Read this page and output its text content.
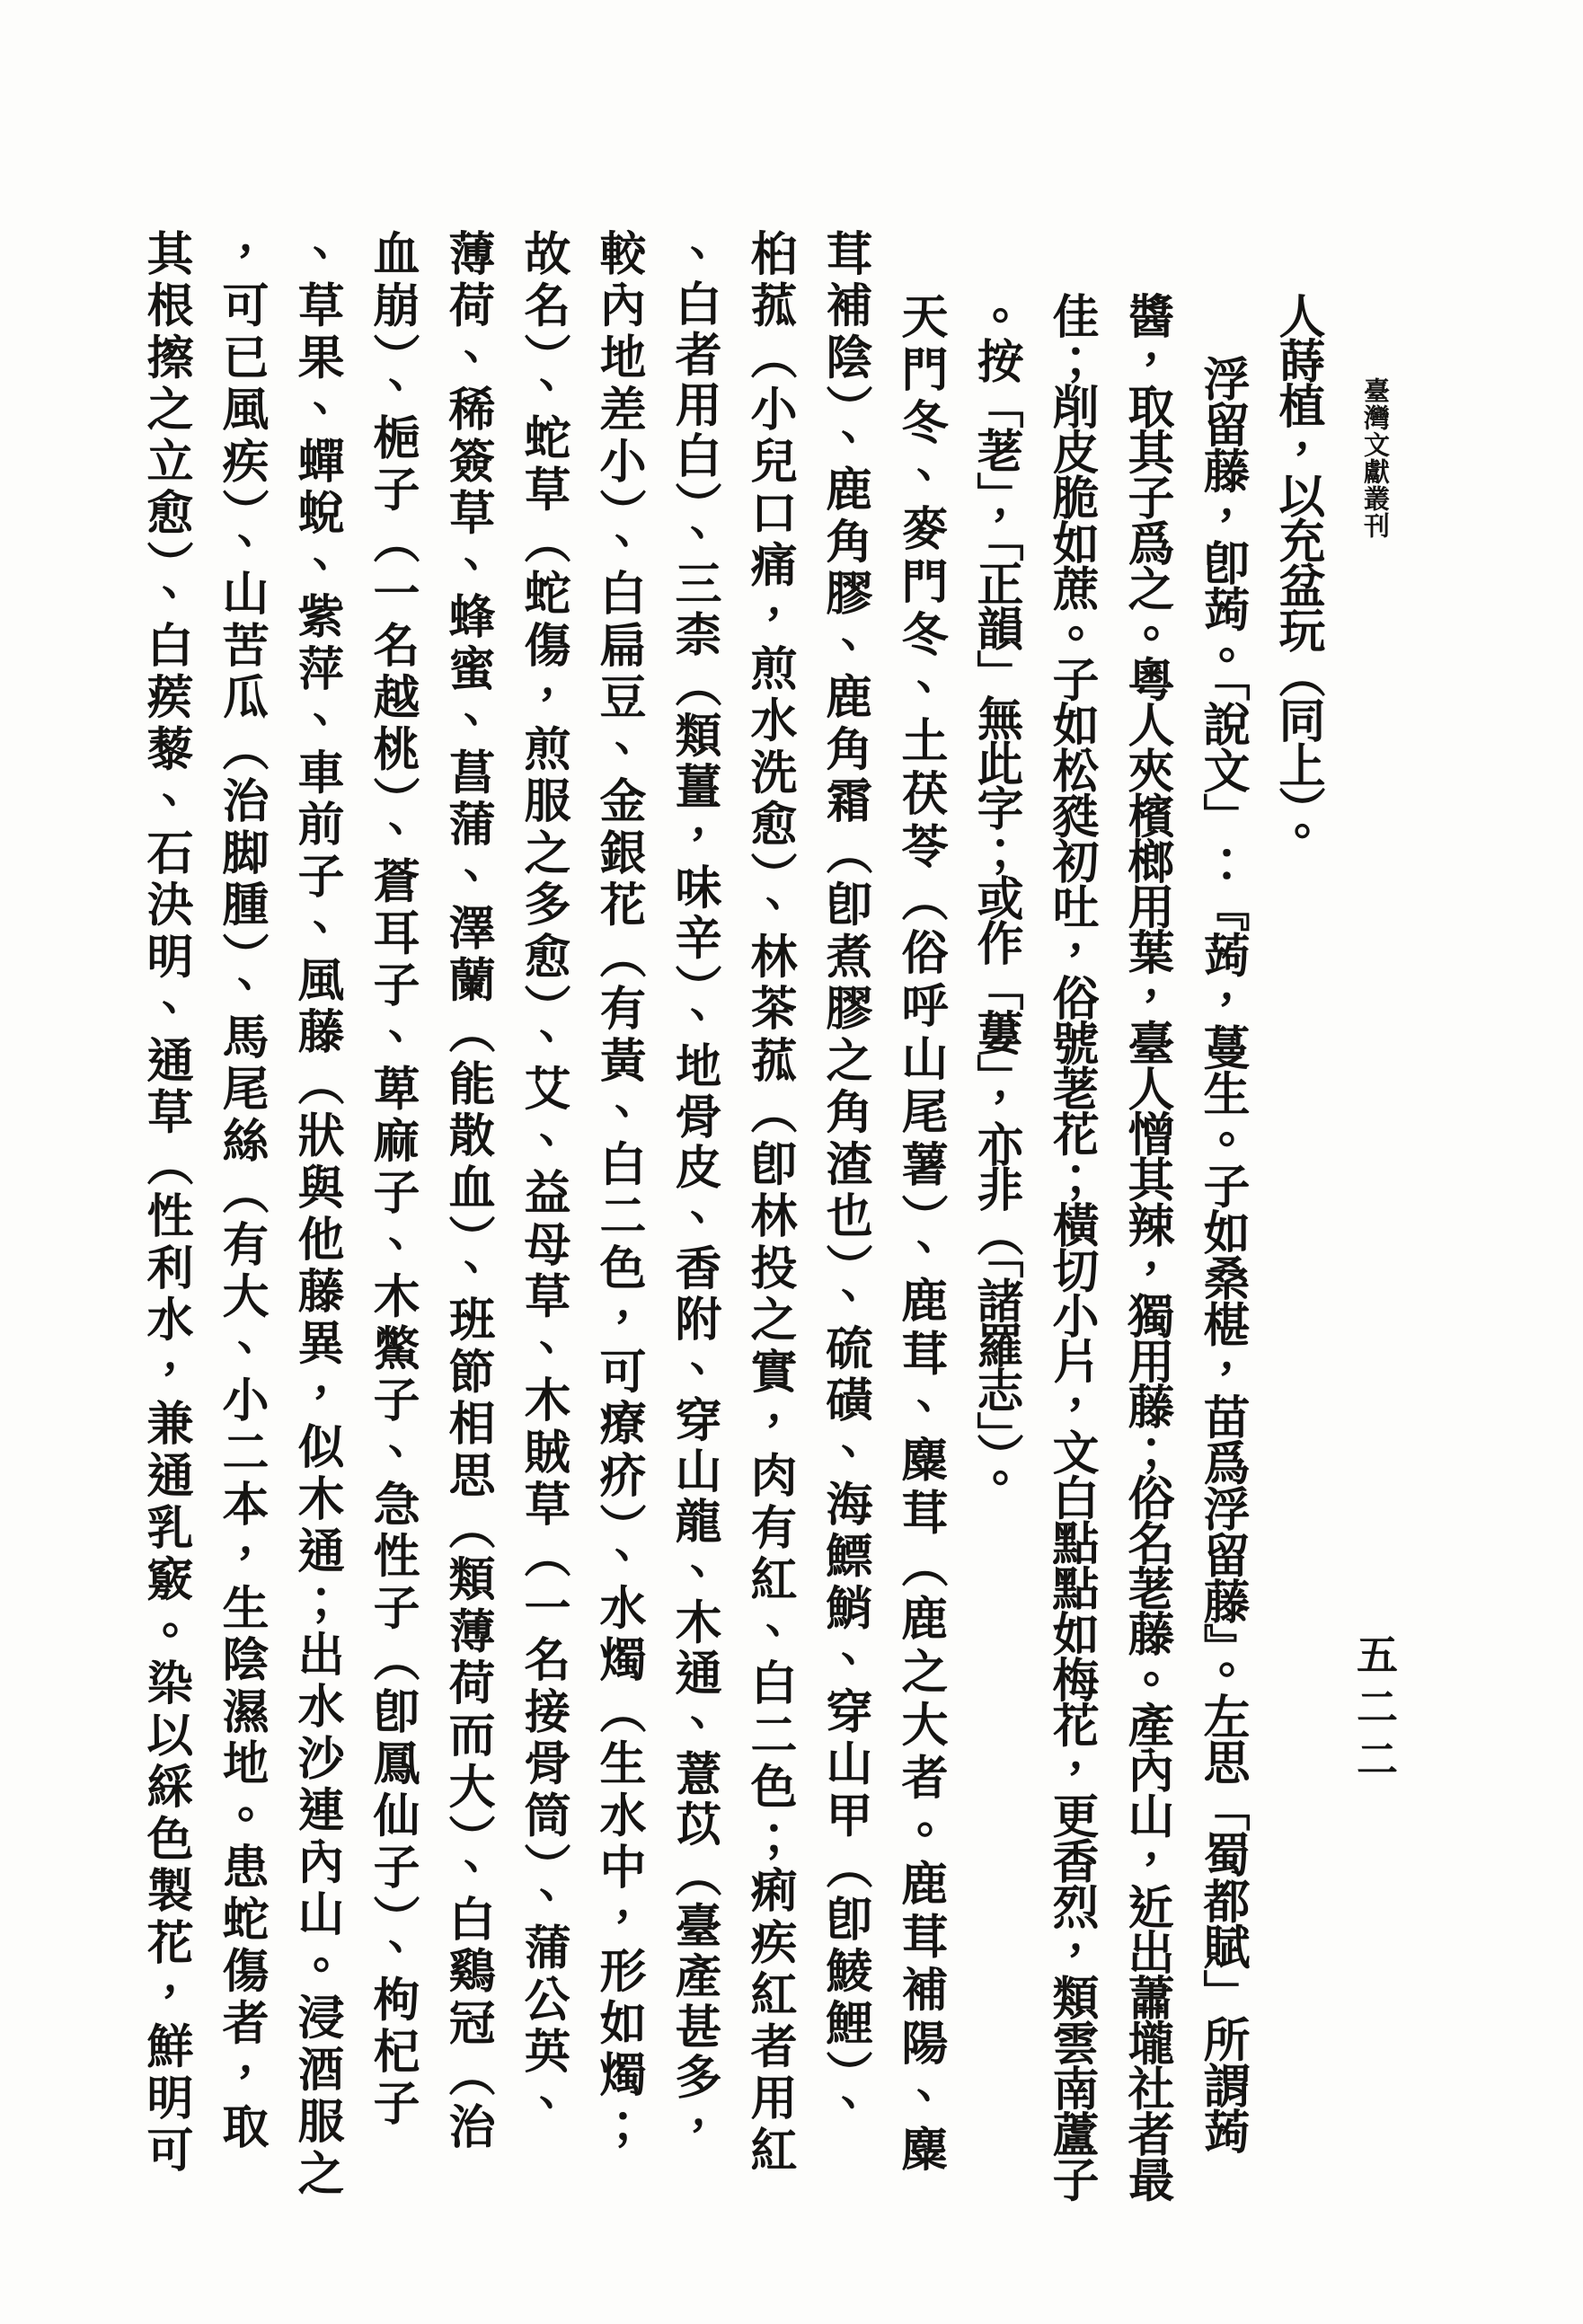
臺灣文獻叢刊
五二二
人蒔植，以充盆玩（同上）。
浮留藤，卽蒟。「說文」：『蒟，蔓生。子如桑椹，苗爲浮留藤』。左思「蜀都賦」所謂蒟
醬，取其子爲之。粵人夾檳榔用葉，臺人憎其辣，獨用藤；俗名荖藤。產內山，近出蕭壠社者最
佳；削皮脆如蔗。子如松甤初吐，俗號荖花；橫切小片，文白點點如梅花，更香烈，類雲南蘆子
。按「荖」，「正韻」無此字；或作「蔞」，亦非（「諸羅志」）。
天門冬、麥門冬、土茯苓（俗呼山尾薯）、鹿茸、麋茸（鹿之大者。鹿茸補陽、麋
茸補陰）、鹿角膠、鹿角霜（卽煮膠之角渣也）、硫磺、海鰾鮹、穿山甲（卽鯪鯉）、
桕菰（小兒口痛，煎水洗愈）、林茶菰（卽林投之實，肉有紅、白二色；痢疾紅者用紅
、白者用白）、三柰（類薑，味辛）、地骨皮、香附、穿山龍、木通、薏苡（臺產甚多，
較內地差小）、白扁豆、金銀花（有黃、白二色，可療疥）、水燭（生水中，形如燭；
故名）、蛇草（蛇傷，煎服之多愈）、艾、益母草、木賊草（一名接骨筒）、蒲公英、
薄荷、稀簽草、蜂蜜、菖蒲、澤蘭（能散血）、班節相思（類薄荷而大）、白鷄冠（治
血崩）、梔子（一名越桃）、蒼耳子、萆麻子、木鱉子、急性子（卽鳳仙子）、枸杞子
、草果、蟬蛻、紫萍、車前子、風藤（狀與他藤異，似木通；出水沙連內山。浸酒服之
，可已風疾）、山苦瓜（治脚腫）、馬尾絲（有大、小二本，生陰濕地。患蛇傷者，取
其根擦之立愈）、白蒺藜、石決明、通草（性利水，兼通乳竅。染以綵色製花，鮮明可
